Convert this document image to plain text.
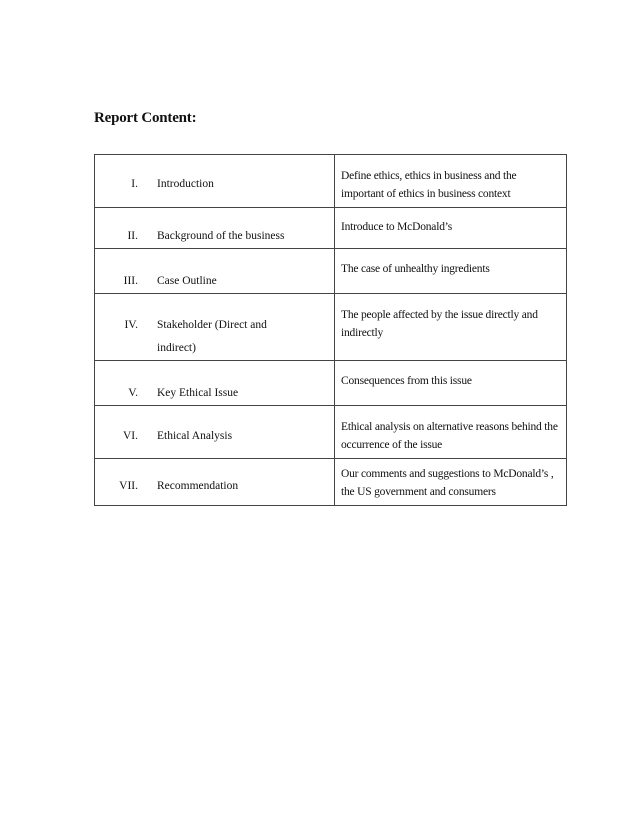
Report Content:
I. Introduction	Define ethics, ethics in business and the important of ethics in business context

II. Background of the business	Introduce to McDonald’s

III. Case Outline	The case of unhealthy ingredients

IV. Stakeholder (Direct and indirect)	The people affected by the issue directly and indirectly

V. Key Ethical Issue	Consequences from this issue

VI. Ethical Analysis	Ethical analysis on alternative reasons behind the occurrence of the issue

VII. Recommendation	Our comments and suggestions to McDonald’s , the US government and consumers
